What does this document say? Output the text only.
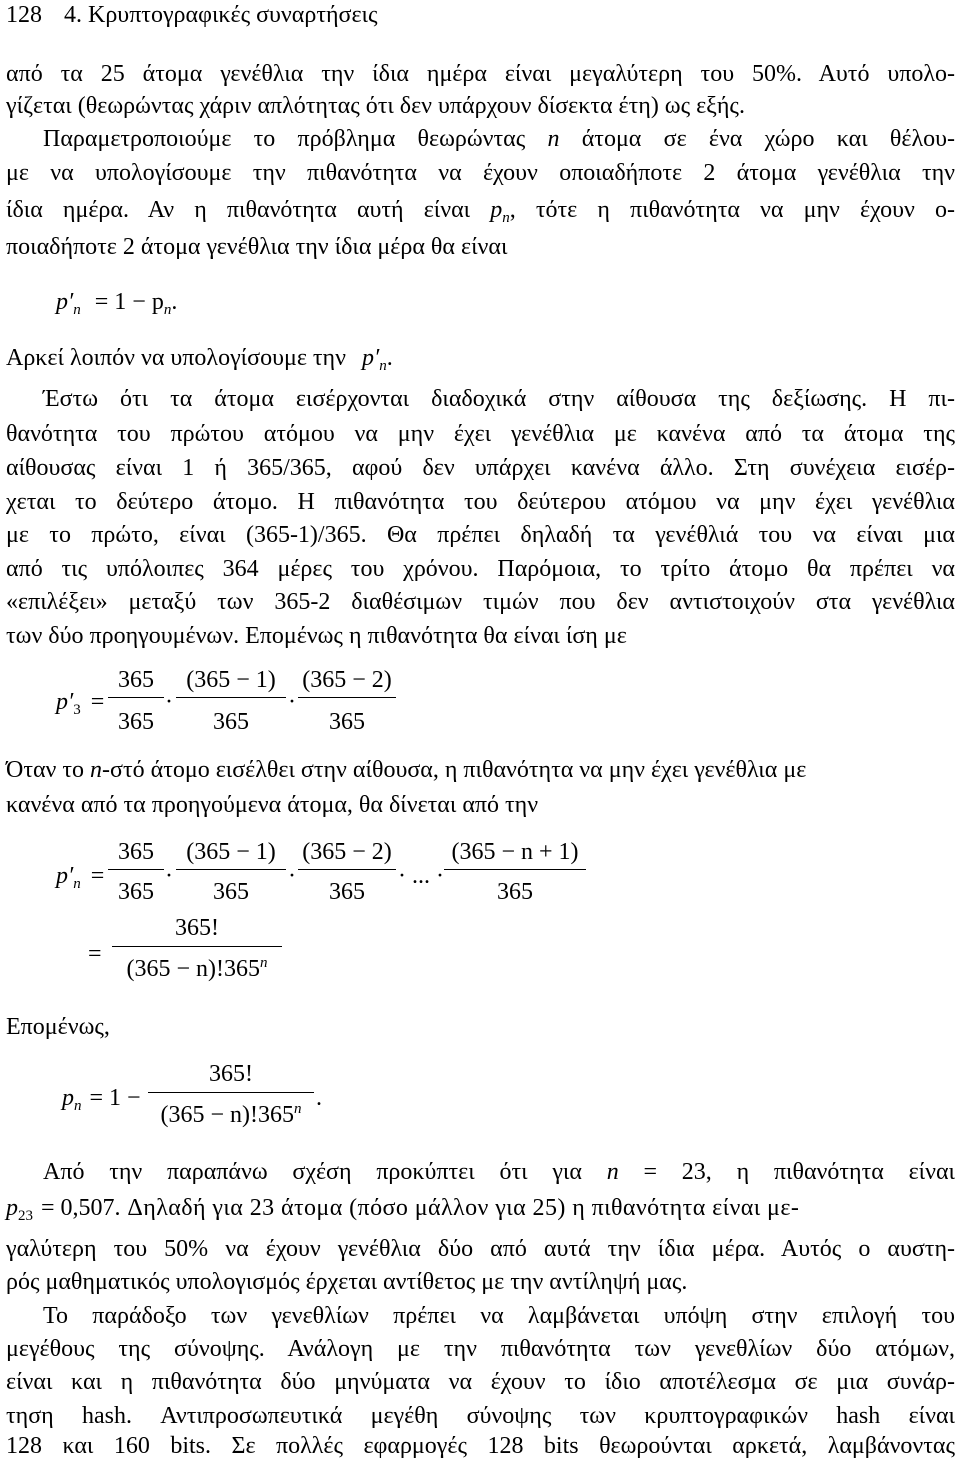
128 4. Κρυπτογραφικές συναρτήσεις
από τα 25 άτομα γενέθλια την ίδια ημέρα είναι μεγαλύτερη του 50%. Αυτό υπολο-
γίζεται (θεωρώντας χάριν απλότητας ότι δεν υπάρχουν δίσεκτα έτη) ως εξής.
Παραμετροποιούμε το πρόβλημα θεωρώντας n άτομα σε ένα χώρο και θέλου-
με να υπολογίσουμε την πιθανότητα να έχουν οποιαδήποτε 2 άτομα γενέθλια την
ίδια ημέρα. Αν η πιθανότητα αυτή είναι $p_n$, τότε η πιθανότητα να μην έχουν ο-
ποιαδήποτε 2 άτομα γενέθλια την ίδια μέρα θα είναι
$p'_n = 1 - p_n$.
Αρκεί λοιπόν να υπολογίσουμε την $p'_n$.
Έστω ότι τα άτομα εισέρχονται διαδοχικά στην αίθουσα της δεξίωσης. Η πι-
θανότητα του πρώτου ατόμου να μην έχει γενέθλια με κανένα από τα άτομα της
αίθουσας είναι 1 ή 365/365, αφού δεν υπάρχει κανένα άλλο. Στη συνέχεια εισέρ-
χεται το δεύτερο άτομο. Η πιθανότητα του δεύτερου ατόμου να μην έχει γενέθλια
με το πρώτο, είναι (365-1)/365. Θα πρέπει δηλαδή τα γενέθλιά του να είναι μια
από τις υπόλοιπες 364 μέρες του χρόνου. Παρόμοια, το τρίτο άτομο θα πρέπει να
«επιλέξει» μεταξύ των 365-2 διαθέσιμων τιμών που δεν αντιστοιχούν στα γενέθλια
των δύο προηγουμένων. Επομένως η πιθανότητα θα είναι ίση με
$p'_3$ =
365
365
·
(365 − 1)
365
·
(365 − 2)
365
Όταν το n-στό άτομο εισέλθει στην αίθουσα, η πιθανότητα να μην έχει γενέθλια με
κανένα από τα προηγούμενα άτομα, θα δίνεται από την
$p'_n$ =
365
365
·
(365 − 1)
365
·
(365 − 2)
365
· ... ·
(365 − n + 1)
365
=
365!
$(365 - n)!365^n$
Επομένως,
$p_n = 1$ −
365!
$(365 - n)!365^n$ .
Από την παραπάνω σχέση προκύπτει ότι για n = 23, η πιθανότητα είναι
$p_{23} = 0,507$. Δηλαδή για 23 άτομα (πόσο μάλλον για 25) η πιθανότητα είναι με-
γαλύτερη του 50% να έχουν γενέθλια δύο από αυτά την ίδια μέρα. Αυτός ο αυστη-
ρός μαθηματικός υπολογισμός έρχεται αντίθετος με την αντίληψή μας.
Το παράδοξο των γενεθλίων πρέπει να λαμβάνεται υπόψη στην επιλογή του
μεγέθους της σύνοψης. Ανάλογη με την πιθανότητα των γενεθλίων δύο ατόμων,
είναι και η πιθανότητα δύο μηνύματα να έχουν το ίδιο αποτέλεσμα σε μια συνάρ-
τηση hash. Αντιπροσωπευτικά μεγέθη σύνοψης των κρυπτογραφικών hash είναι
128 και 160 bits. Σε πολλές εφαρμογές 128 bits θεωρούνται αρκετά, λαμβάνοντας
